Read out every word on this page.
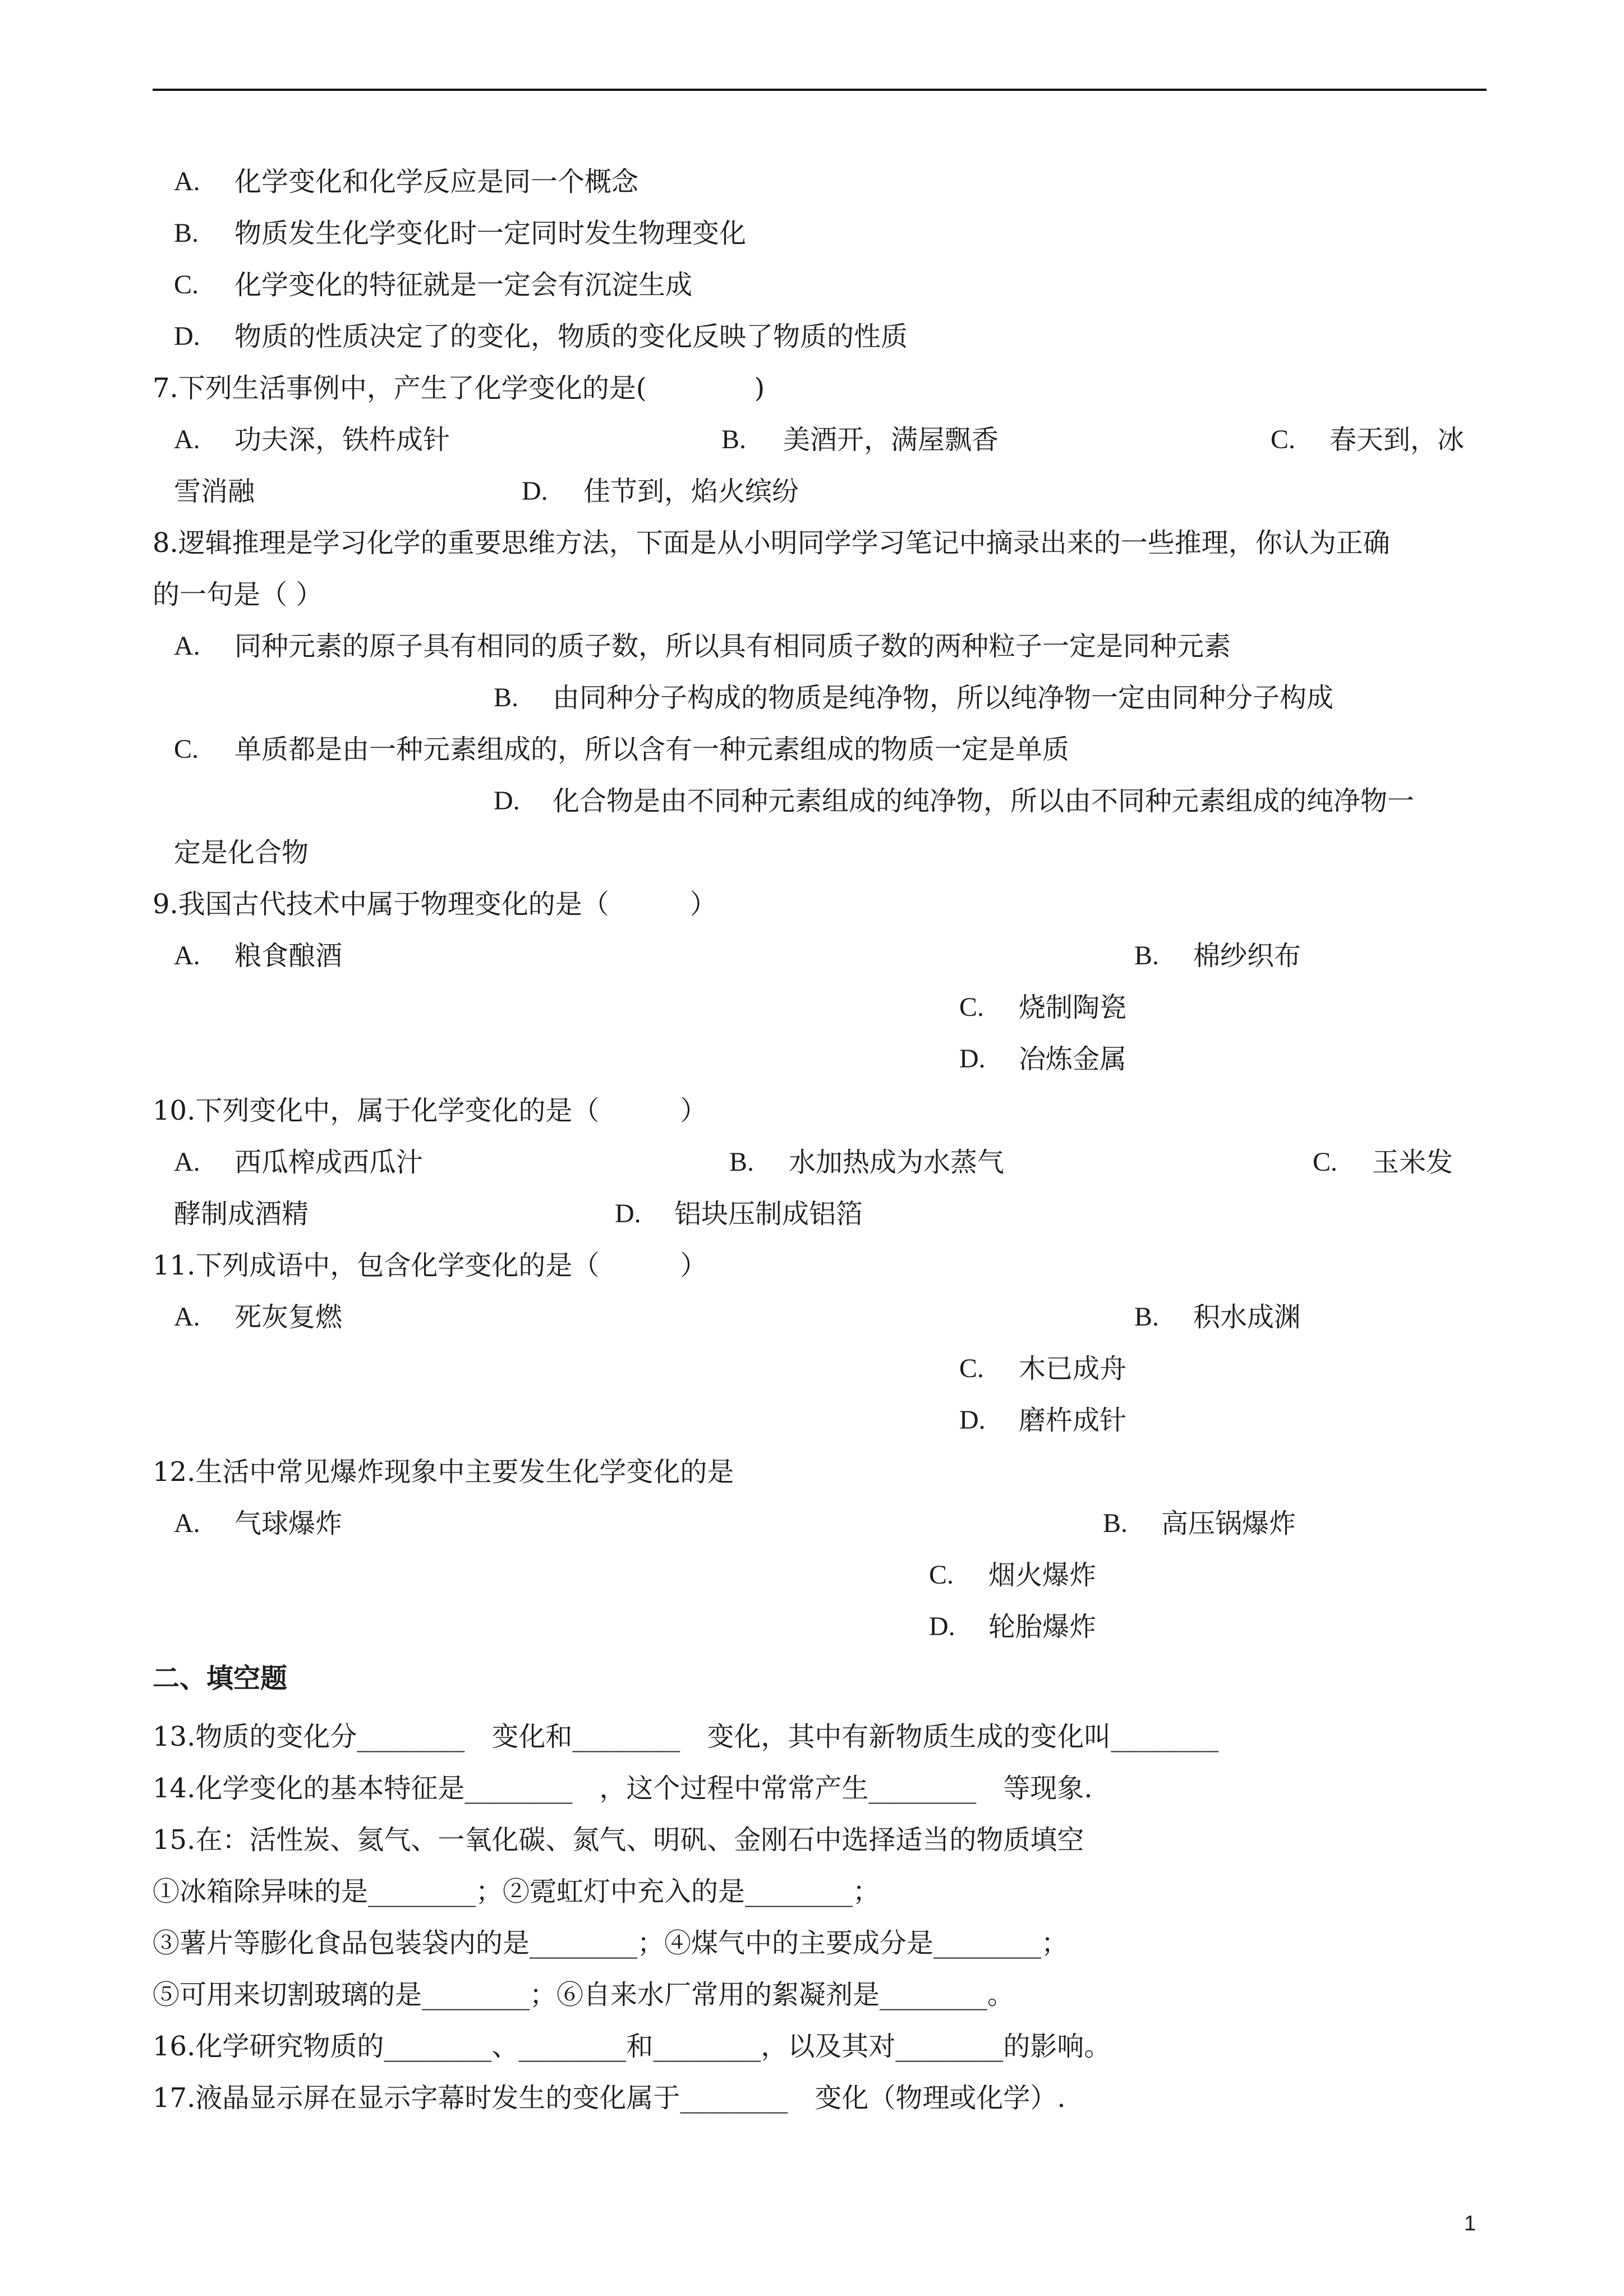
A. 化学变化和化学反应是同一个概念
B. 物质发生化学变化时一定同时发生物理变化
C. 化学变化的特征就是一定会有沉淀生成
D. 物质的性质决定了的变化，物质的变化反映了物质的性质
7.下列生活事例中，产生了化学变化的是(　　　　)
A. 功夫深，铁杵成针	B. 美酒开，满屋飘香	C. 春天到，冰
雪消融	D. 佳节到，焰火缤纷
8.逻辑推理是学习化学的重要思维方法，下面是从小明同学学习笔记中摘录出来的一些推理，你认为正确
的一句是（ ）
A. 同种元素的原子具有相同的质子数，所以具有相同质子数的两种粒子一定是同种元素
B. 由同种分子构成的物质是纯净物，所以纯净物一定由同种分子构成
C. 单质都是由一种元素组成的，所以含有一种元素组成的物质一定是单质
D. 化合物是由不同种元素组成的纯净物，所以由不同种元素组成的纯净物一
定是化合物
9.我国古代技术中属于物理变化的是（　　　）
A. 粮食酿酒	B. 棉纱织布
C. 烧制陶瓷
D. 冶炼金属
10.下列变化中，属于化学变化的是（　　　）
A. 西瓜榨成西瓜汁	B. 水加热成为水蒸气	C. 玉米发
酵制成酒精	D. 铝块压制成铝箔
11.下列成语中，包含化学变化的是（　　　）
A. 死灰复燃	B. 积水成渊
C. 木已成舟
D. 磨杵成针
12.生活中常见爆炸现象中主要发生化学变化的是
A. 气球爆炸	B. 高压锅爆炸
C. 烟火爆炸
D. 轮胎爆炸
二、填空题
13.物质的变化分________　变化和________　变化，其中有新物质生成的变化叫________
14.化学变化的基本特征是________　，这个过程中常常产生________　等现象.
15.在：活性炭、氦气、一氧化碳、氮气、明矾、金刚石中选择适当的物质填空
①冰箱除异味的是________；②霓虹灯中充入的是________；
③薯片等膨化食品包装袋内的是________；④煤气中的主要成分是________；
⑤可用来切割玻璃的是________；⑥自来水厂常用的絮凝剂是________。
16.化学研究物质的________、________和________，以及其对________的影响。
17.液晶显示屏在显示字幕时发生的变化属于________　变化（物理或化学）.
1
